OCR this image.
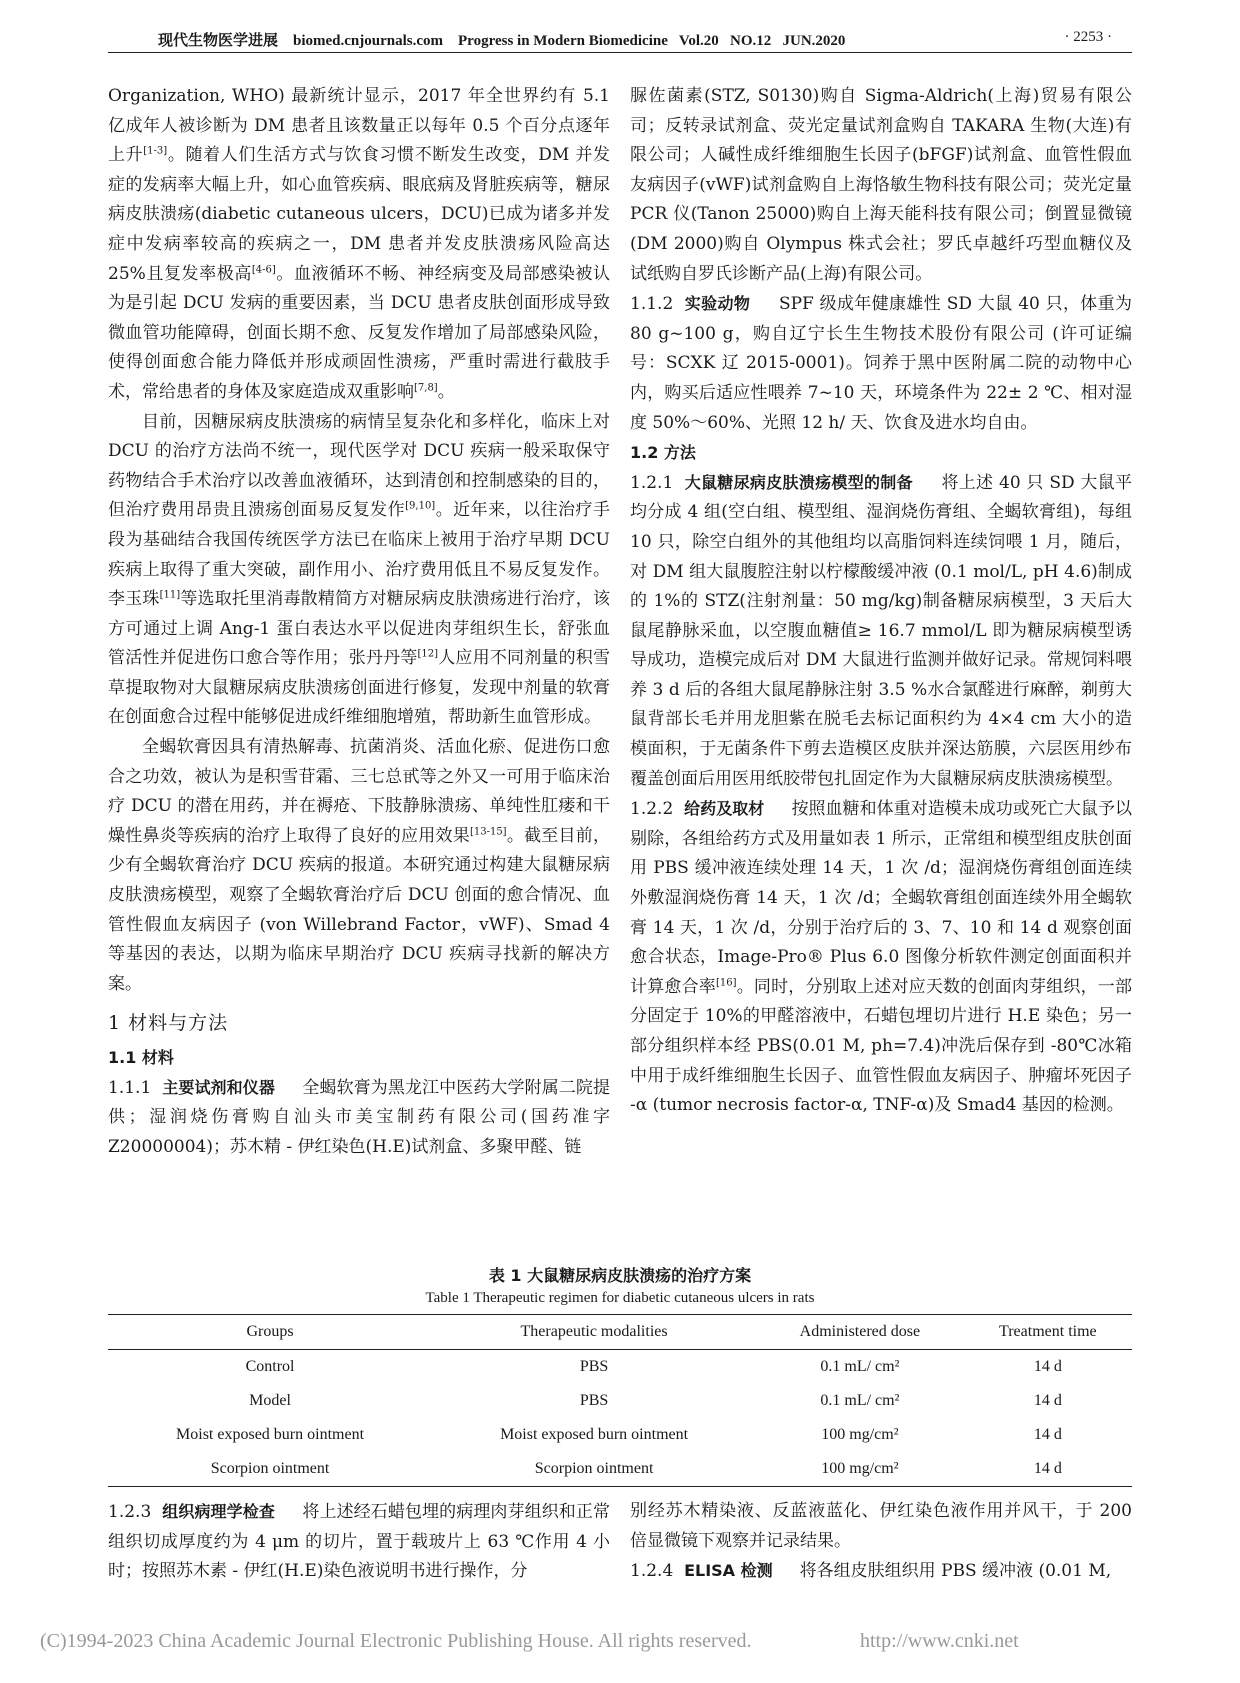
现代生物医学进展 biomed.cnjournals.com Progress in Modern Biomedicine Vol.20 NO.12 JUN.2020	· 2253 ·

Organization, WHO) 最新统计显示，2017 年全世界约有 5.1 亿成年人被诊断为 DM 患者且该数量正以每年 0.5 个百分点逐年上升[1-3]。随着人们生活方式与饮食习惯不断发生改变，DM 并发症的发病率大幅上升，如心血管疾病、眼底病及肾脏疾病等，糖尿病皮肤溃疡(diabetic cutaneous ulcers，DCU)已成为诸多并发症中发病率较高的疾病之一，DM 患者并发皮肤溃疡风险高达 25%且复发率极高[4-6]。血液循环不畅、神经病变及局部感染被认为是引起 DCU 发病的重要因素，当 DCU 患者皮肤创面形成导致微血管功能障碍，创面长期不愈、反复发作增加了局部感染风险，使得创面愈合能力降低并形成顽固性溃疡，严重时需进行截肢手术，常给患者的身体及家庭造成双重影响[7,8]。

目前，因糖尿病皮肤溃疡的病情呈复杂化和多样化，临床上对 DCU 的治疗方法尚不统一，现代医学对 DCU 疾病一般采取保守药物结合手术治疗以改善血液循环，达到清创和控制感染的目的，但治疗费用昂贵且溃疡创面易反复发作[9,10]。近年来，以往治疗手段为基础结合我国传统医学方法已在临床上被用于治疗早期 DCU 疾病上取得了重大突破，副作用小、治疗费用低且不易反复发作。李玉珠[11]等选取托里消毒散精简方对糖尿病皮肤溃疡进行治疗，该方可通过上调 Ang-1 蛋白表达水平以促进肉芽组织生长，舒张血管活性并促进伤口愈合等作用；张丹丹等[12]人应用不同剂量的积雪草提取物对大鼠糖尿病皮肤溃疡创面进行修复，发现中剂量的软膏在创面愈合过程中能够促进成纤维细胞增殖，帮助新生血管形成。

全蝎软膏因具有清热解毒、抗菌消炎、活血化瘀、促进伤口愈合之功效，被认为是积雪苷霜、三七总甙等之外又一可用于临床治疗 DCU 的潜在用药，并在褥疮、下肢静脉溃疡、单纯性肛瘘和干燥性鼻炎等疾病的治疗上取得了良好的应用效果[13-15]。截至目前，少有全蝎软膏治疗 DCU 疾病的报道。本研究通过构建大鼠糖尿病皮肤溃疡模型，观察了全蝎软膏治疗后 DCU 创面的愈合情况、血管性假血友病因子 (von Willebrand Factor，vWF)、Smad 4 等基因的表达，以期为临床早期治疗 DCU 疾病寻找新的解决方案。

1 材料与方法

1.1 材料

1.1.1 主要试剂和仪器 全蝎软膏为黑龙江中医药大学附属二院提供；湿润烧伤膏购自汕头市美宝制药有限公司(国药准字 Z20000004)；苏木精 - 伊红染色(H.E)试剂盒、多聚甲醛、链

脲佐菌素(STZ, S0130)购自 Sigma-Aldrich(上海)贸易有限公司；反转录试剂盒、荧光定量试剂盒购自 TAKARA 生物(大连)有限公司；人碱性成纤维细胞生长因子(bFGF)试剂盒、血管性假血友病因子(vWF)试剂盒购自上海恪敏生物科技有限公司；荧光定量 PCR 仪(Tanon 25000)购自上海天能科技有限公司；倒置显微镜(DM 2000)购自 Olympus 株式会社；罗氏卓越纤巧型血糖仪及试纸购自罗氏诊断产品(上海)有限公司。

1.1.2 实验动物 SPF 级成年健康雄性 SD 大鼠 40 只，体重为 80 g~100 g，购自辽宁长生生物技术股份有限公司 (许可证编号：SCXK 辽 2015-0001)。饲养于黑中医附属二院的动物中心内，购买后适应性喂养 7~10 天，环境条件为 22± 2 ℃、相对湿度 50%～60%、光照 12 h/ 天、饮食及进水均自由。

1.2 方法

1.2.1 大鼠糖尿病皮肤溃疡模型的制备 将上述 40 只 SD 大鼠平均分成 4 组(空白组、模型组、湿润烧伤膏组、全蝎软膏组)，每组 10 只，除空白组外的其他组均以高脂饲料连续饲喂 1 月，随后，对 DM 组大鼠腹腔注射以柠檬酸缓冲液 (0.1 mol/L, pH 4.6)制成的 1%的 STZ(注射剂量：50 mg/kg)制备糖尿病模型，3 天后大鼠尾静脉采血，以空腹血糖值≥ 16.7 mmol/L 即为糖尿病模型诱导成功，造模完成后对 DM 大鼠进行监测并做好记录。常规饲料喂养 3 d 后的各组大鼠尾静脉注射 3.5 %水合氯醛进行麻醉，剃剪大鼠背部长毛并用龙胆紫在脱毛去标记面积约为 4×4 cm 大小的造模面积，于无菌条件下剪去造模区皮肤并深达筋膜，六层医用纱布覆盖创面后用医用纸胶带包扎固定作为大鼠糖尿病皮肤溃疡模型。

1.2.2 给药及取材 按照血糖和体重对造模未成功或死亡大鼠予以剔除，各组给药方式及用量如表 1 所示，正常组和模型组皮肤创面用 PBS 缓冲液连续处理 14 天，1 次 /d；湿润烧伤膏组创面连续外敷湿润烧伤膏 14 天，1 次 /d；全蝎软膏组创面连续外用全蝎软膏 14 天，1 次 /d，分别于治疗后的 3、7、10 和 14 d 观察创面愈合状态，Image-Pro® Plus 6.0 图像分析软件测定创面面积并计算愈合率[16]。同时，分别取上述对应天数的创面肉芽组织，一部分固定于 10%的甲醛溶液中，石蜡包埋切片进行 H.E 染色；另一部分组织样本经 PBS(0.01 M, ph=7.4)冲洗后保存到 -80℃冰箱中用于成纤维细胞生长因子、血管性假血友病因子、肿瘤坏死因子 -α (tumor necrosis factor-α, TNF-α)及 Smad4 基因的检测。

表 1 大鼠糖尿病皮肤溃疡的治疗方案
Table 1 Therapeutic regimen for diabetic cutaneous ulcers in rats
Groups	Therapeutic modalities	Administered dose	Treatment time
Control	PBS	0.1 mL/ cm²	14 d
Model	PBS	0.1 mL/ cm²	14 d
Moist exposed burn ointment	Moist exposed burn ointment	100 mg/cm²	14 d
Scorpion ointment	Scorpion ointment	100 mg/cm²	14 d

1.2.3 组织病理学检查 将上述经石蜡包埋的病理肉芽组织和正常组织切成厚度约为 4 μm 的切片，置于载玻片上 63 ℃作用 4 小时；按照苏木素 - 伊红(H.E)染色液说明书进行操作，分

别经苏木精染液、反蓝液蓝化、伊红染色液作用并风干，于 200 倍显微镜下观察并记录结果。

1.2.4 ELISA 检测 将各组皮肤组织用 PBS 缓冲液 (0.01 M,

(C)1994-2023 China Academic Journal Electronic Publishing House. All rights reserved.	http://www.cnki.net
